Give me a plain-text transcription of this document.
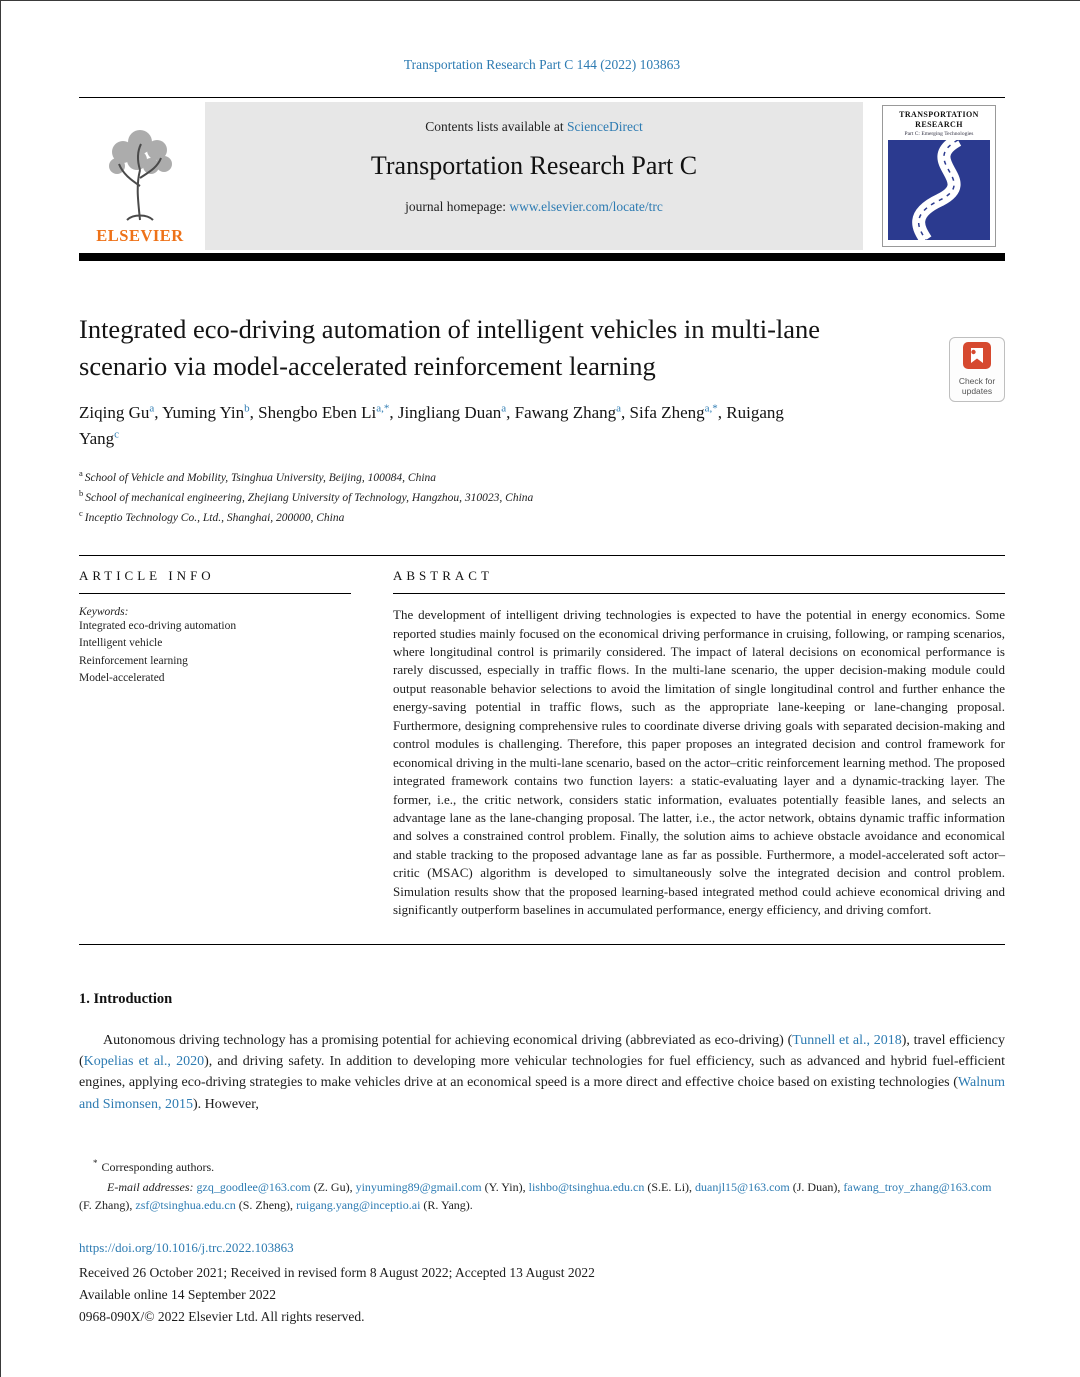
Transportation Research Part C 144 (2022) 103863
ELSEVIER
Contents lists available at ScienceDirect
Transportation Research Part C
journal homepage: www.elsevier.com/locate/trc
TRANSPORTATION
RESEARCH
Part C: Emerging Technologies
Check for
updates
Integrated eco-driving automation of intelligent vehicles in multi-lane scenario via model-accelerated reinforcement learning
Ziqing Gu$^a$, Yuming Yin$^b$, Shengbo Eben $Li^{a,*}$, Jingliang Duan$^a$, Fawang Zhang$^a$, Sifa Zheng$^{a,*}$, Ruigang Yang$^c$
$^a$ School of Vehicle and Mobility, Tsinghua University, Beijing, 100084, China
$^b$ School of mechanical engineering, Zhejiang University of Technology, Hangzhou, 310023, China
$^c$ Inceptio Technology Co., Ltd., Shanghai, 200000, China
ARTICLE INFO
Keywords:
Integrated eco-driving automation
Intelligent vehicle
Reinforcement learning
Model-accelerated
ABSTRACT
The development of intelligent driving technologies is expected to have the potential in energy economics. Some reported studies mainly focused on the economical driving performance in cruising, following, or ramping scenarios, where longitudinal control is primarily considered. The impact of lateral decisions on economical performance is rarely discussed, especially in traffic flows. In the multi-lane scenario, the upper decision-making module could output reasonable behavior selections to avoid the limitation of single longitudinal control and further enhance the energy-saving potential in traffic flows, such as the appropriate lane-keeping or lane-changing proposal. Furthermore, designing comprehensive rules to coordinate diverse driving goals with separated decision-making and control modules is challenging. Therefore, this paper proposes an integrated decision and control framework for economical driving in the multi-lane scenario, based on the actor–critic reinforcement learning method. The proposed integrated framework contains two function layers: a static-evaluating layer and a dynamic-tracking layer. The former, i.e., the critic network, considers static information, evaluates potentially feasible lanes, and selects an advantage lane as the lane-changing proposal. The latter, i.e., the actor network, obtains dynamic traffic information and solves a constrained control problem. Finally, the solution aims to achieve obstacle avoidance and economical and stable tracking to the proposed advantage lane as far as possible. Furthermore, a model-accelerated soft actor–critic (MSAC) algorithm is developed to simultaneously solve the integrated decision and control problem. Simulation results show that the proposed learning-based integrated method could achieve economical driving and significantly outperform baselines in accumulated performance, energy efficiency, and driving comfort.
1. Introduction

Autonomous driving technology has a promising potential for achieving economical driving (abbreviated as eco-driving) (Tunnell et al., 2018), travel efficiency (Kopelias et al., 2020), and driving safety. In addition to developing more vehicular technologies for fuel efficiency, such as advanced and hybrid fuel-efficient engines, applying eco-driving strategies to make vehicles drive at an economical speed is a more direct and effective choice based on existing technologies (Walnum and Simonsen, 2015). However,

* Corresponding authors.
E-mail addresses: gzq_goodlee@163.com (Z. Gu), yinyuming89@gmail.com (Y. Yin), lishbo@tsinghua.edu.cn (S.E. Li), duanjl15@163.com (J. Duan), fawang_troy_zhang@163.com (F. Zhang), zsf@tsinghua.edu.cn (S. Zheng), ruigang.yang@inceptio.ai (R. Yang).
https://doi.org/10.1016/j.trc.2022.103863
Received 26 October 2021; Received in revised form 8 August 2022; Accepted 13 August 2022
Available online 14 September 2022
0968-090X/© 2022 Elsevier Ltd. All rights reserved.
